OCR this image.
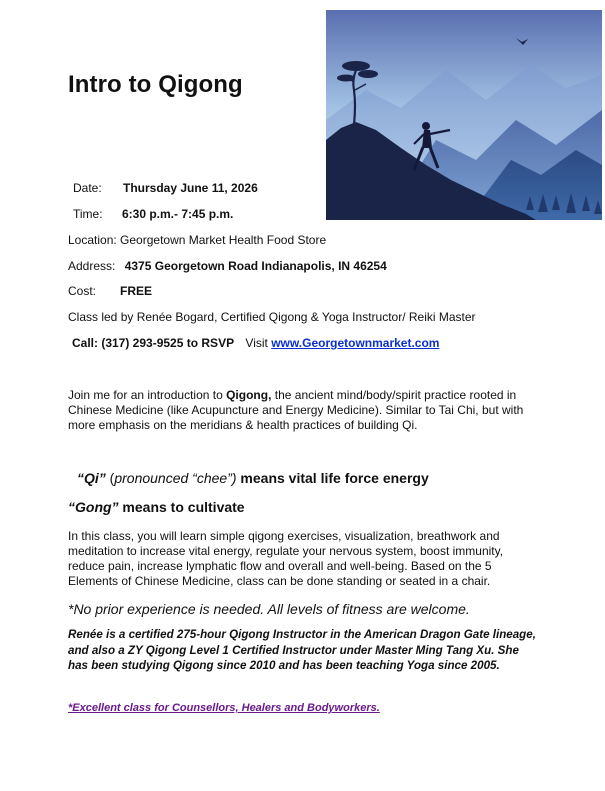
Intro to Qigong
Date: Thursday June 11, 2026
Time: 6:30 p.m.- 7:45 p.m.
Location: Georgetown Market Health Food Store
Address: 4375 Georgetown Road Indianapolis, IN 46254
Cost: FREE
Class led by Renée Bogard, Certified Qigong & Yoga Instructor/ Reiki Master
Call: (317) 293-9525 to RSVP Visit www.Georgetownmarket.com
Join me for an introduction to Qigong, the ancient mind/body/spirit practice rooted in Chinese Medicine (like Acupuncture and Energy Medicine). Similar to Tai Chi, but with more emphasis on the meridians & health practices of building Qi.
“Qi” (pronounced “chee”) means vital life force energy
“Gong” means to cultivate
In this class, you will learn simple qigong exercises, visualization, breathwork and meditation to increase vital energy, regulate your nervous system, boost immunity, reduce pain, increase lymphatic flow and overall and well-being. Based on the 5 Elements of Chinese Medicine, class can be done standing or seated in a chair.
*No prior experience is needed. All levels of fitness are welcome.
Renée is a certified 275-hour Qigong Instructor in the American Dragon Gate lineage, and also a ZY Qigong Level 1 Certified Instructor under Master Ming Tang Xu. She has been studying Qigong since 2010 and has been teaching Yoga since 2005.
*Excellent class for Counsellors, Healers and Bodyworkers.
